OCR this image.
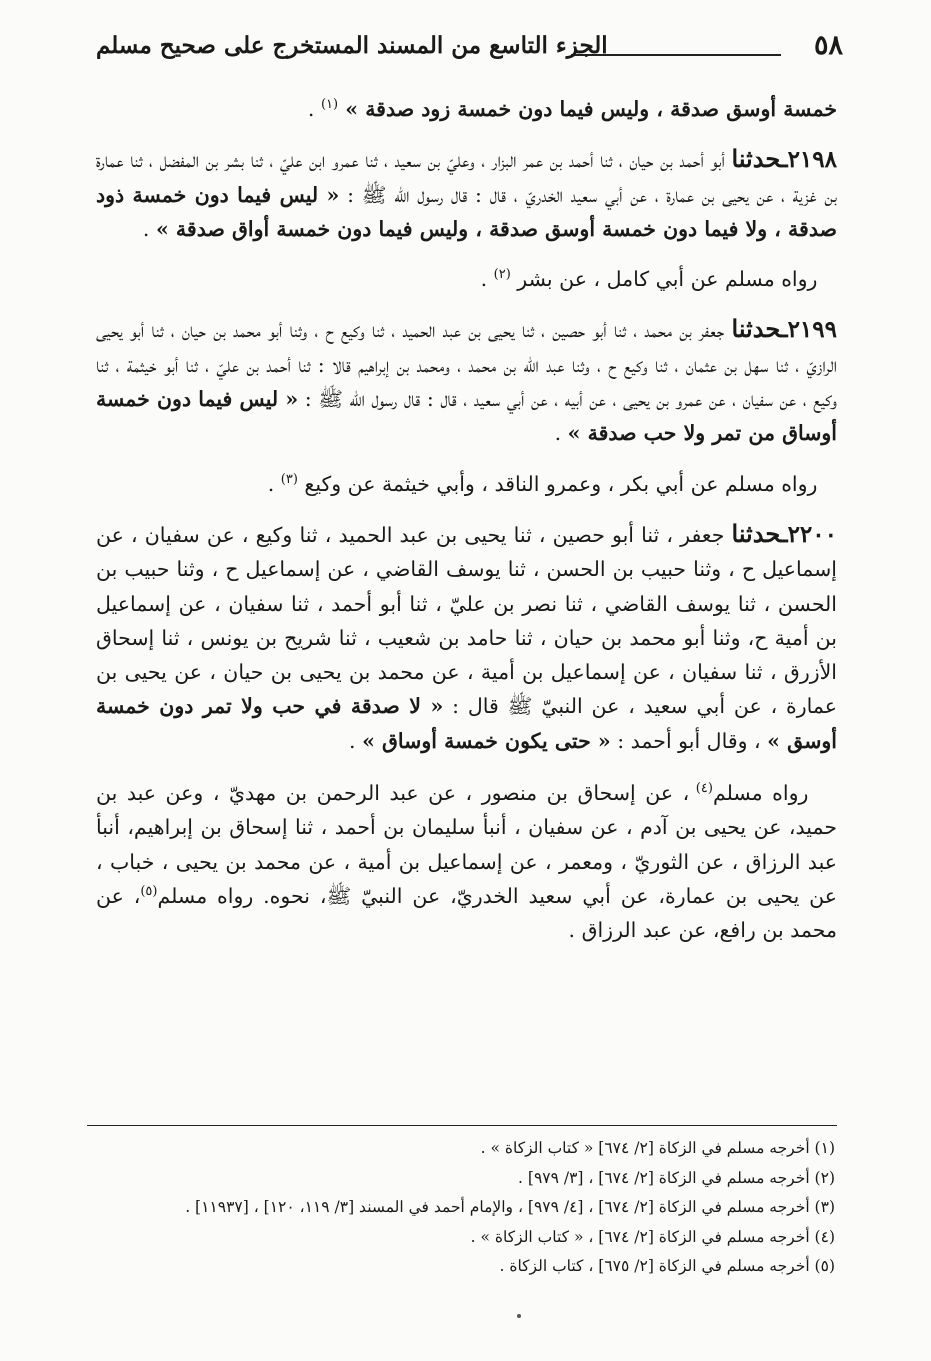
٥٨
الجزء التاسع من المسند المستخرج على صحيح مسلم

خمسة أوسق صدقة ، وليس فيما دون خمسة زود صدقة » $^{(١)}$ .

٢١٩٨ـحدثنا أبو أحمد بن حيان ، ثنا أحمد بن عمر البزار ، وعليّ بن سعيد ، ثنا عمرو ابن عليّ ، ثنا بشر بن المفضل ، ثنا عمارة بن غزية ، عن يحيى بن عمارة ، عن أبي سعيد الخدريّ ، قال : قال رسول الله ﷺ : « ليس فيما دون خمسة ذود صدقة ، ولا فيما دون خمسة أوسق صدقة ، وليس فيما دون خمسة أواق صدقة » .

رواه مسلم عن أبي كامل ، عن بشر $^{(٢)}$ .

٢١٩٩ـحدثنا جعفر بن محمد ، ثنا أبو حصين ، ثنا يحيى بن عبد الحميد ، ثنا وكيع ح ، وثنا أبو محمد بن حيان ، ثنا أبو يحيى الرازيّ ، ثنا سهل بن عثمان ، ثنا وكيع ح ، وثنا عبد الله بن محمد ، ومحمد بن إبراهيم قالا : ثنا أحمد بن عليّ ، ثنا أبو خيثمة ، ثنا وكيع ، عن سفيان ، عن عمرو بن يحيى ، عن أبيه ، عن أبي سعيد ، قال : قال رسول الله ﷺ : « ليس فيما دون خمسة أوساق من تمر ولا حب صدقة » .

رواه مسلم عن أبي بكر ، وعمرو الناقد ، وأبي خيثمة عن وكيع $^{(٣)}$ .

٢٢٠٠ـحدثنا جعفر ، ثنا أبو حصين ، ثنا يحيى بن عبد الحميد ، ثنا وكيع ، عن سفيان ، عن إسماعيل ح ، وثنا حبيب بن الحسن ، ثنا يوسف القاضي ، عن إسماعيل ح ، وثنا حبيب بن الحسن ، ثنا يوسف القاضي ، ثنا نصر بن عليّ ، ثنا أبو أحمد ، ثنا سفيان ، عن إسماعيل بن أمية ح، وثنا أبو محمد بن حيان ، ثنا حامد بن شعيب ، ثنا شريح بن يونس ، ثنا إسحاق الأزرق ، ثنا سفيان ، عن إسماعيل بن أمية ، عن محمد بن يحيى بن حيان ، عن يحيى بن عمارة ، عن أبي سعيد ، عن النبيّ ﷺ قال : « لا صدقة في حب ولا تمر دون خمسة أوسق » ، وقال أبو أحمد : « حتى يكون خمسة أوساق » .

رواه مسلم$^{(٤)}$ ، عن إسحاق بن منصور ، عن عبد الرحمن بن مهديّ ، وعن عبد بن حميد، عن يحيى بن آدم ، عن سفيان ، أنبأ سليمان بن أحمد ، ثنا إسحاق بن إبراهيم، أنبأ عبد الرزاق ، عن الثوريّ ، ومعمر ، عن إسماعيل بن أمية ، عن محمد بن يحيى ، خباب ، عن يحيى بن عمارة، عن أبي سعيد الخدريّ، عن النبيّ ﷺ، نحوه. رواه مسلم$^{(٥)}$، عن محمد بن رافع، عن عبد الرزاق .

(١) أخرجه مسلم في الزكاة [٢/ ٦٧٤] « كتاب الزكاة » .
(٢) أخرجه مسلم في الزكاة [٢/ ٦٧٤] ، [٣/ ٩٧٩] .
(٣) أخرجه مسلم في الزكاة [٢/ ٦٧٤] ، [٤/ ٩٧٩] ، والإمام أحمد في المسند [٣/ ١١٩، ١٢٠] ، [١١٩٣٧] .
(٤) أخرجه مسلم في الزكاة [٢/ ٦٧٤] ، « كتاب الزكاة » .
(٥) أخرجه مسلم في الزكاة [٢/ ٦٧٥] ، كتاب الزكاة .
